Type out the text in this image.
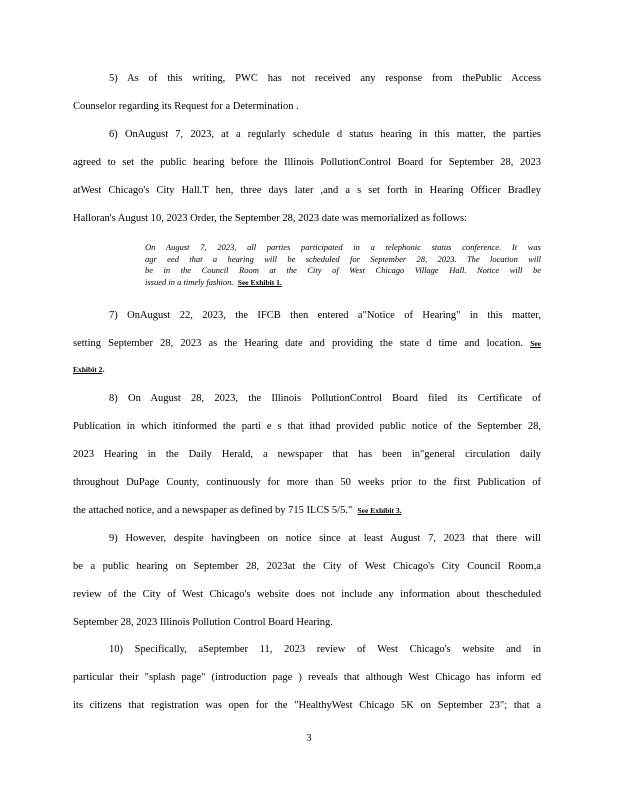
5) As of this writing, PWC has not received any response from thePublic Access
Counselor regarding its Request for a Determination .

6) OnAugust 7, 2023, at a regularly schedule d status hearing in this matter, the parties
agreed to set the public hearing before the Illinois PollutionControl Board for September 28, 2023
atWest Chicago's City Hall.T hen, three days later ,and a s set forth in Hearing Officer Bradley
Halloran's August 10, 2023 Order, the September 28, 2023 date was memorialized as follows:

On August 7, 2023, all parties participated in a telephonic status conference. It was
agr eed that a hearing will be scheduled for September 28, 2023. The location will
be in the Council Room at the City of West Chicago Village Hall. Notice will be
issued in a timely fashion. See Exhibit 1.

7) OnAugust 22, 2023, the IFCB then entered a"Notice of Hearing" in this matter,
setting September 28, 2023 as the Hearing date and providing the state d time and location. See
Exhibit 2.

8) On August 28, 2023, the Illinois PollutionControl Board filed its Certificate of
Publication in which itinformed the parti e s that ithad provided public notice of the September 28,
2023 Hearing in the Daily Herald, a newspaper that has been in"general circulation daily
throughout DuPage County, continuously for more than 50 weeks prior to the first Publication of
the attached notice, and a newspaper as defined by 715 ILCS 5/5." See Exhibit 3.

9) However, despite havingbeen on notice since at least August 7, 2023 that there will
be a public hearing on September 28, 2023at the City of West Chicago's City Council Room,a
review of the City of West Chicago's website does not include any information about thescheduled
September 28, 2023 Illinois Pollution Control Board Hearing.

10) Specifically, aSeptember 11, 2023 review of West Chicago's website and in
particular their "splash page" (introduction page ) reveals that although West Chicago has inform ed
its citizens that registration was open for the "HealthyWest Chicago 5K on September 23"; that a

3
